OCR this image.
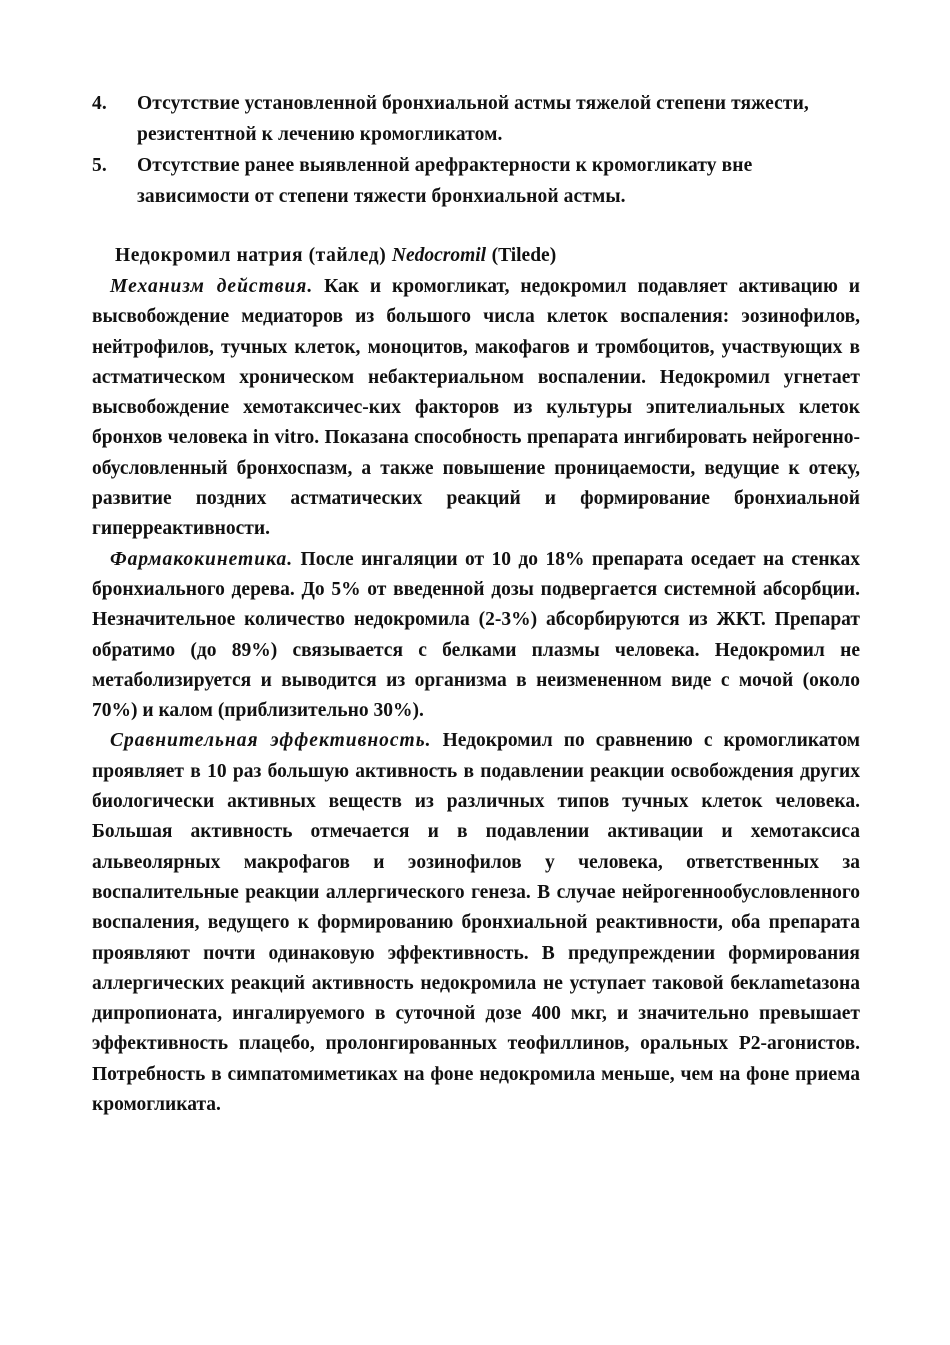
4. Отсутствие установленной бронхиальной астмы тяжелой степени тяжести, резистентной к лечению кромогликатом.
5. Отсутствие ранее выявленной арефрактерности к кромогликату вне зависимости от степени тяжести бронхиальной астмы.
Недокромил натрия (тайлед) Nedocromil (Tilede)

Механизм действия. Как и кромогликат, недокромил подавляет активацию и высвобождение медиаторов из большого числа клеток воспаления: эозинофилов, нейтрофилов, тучных клеток, моноцитов, макофагов и тромбоцитов, участвующих в астматическом хроническом небактериальном воспалении. Недокромил угнетает высвобождение хемотаксичес-ких факторов из культуры эпителиальных клеток бронхов человека in vitro. Показана способность препарата ингибировать нейрогеннообусловленный бронхоспазм, а также повышение проницаемости, ведущие к отеку, развитие поздних астматических реакций и формирование бронхиальной гиперреактивности.

Фармакокинетика. После ингаляции от 10 до 18% препарата оседает на стенках бронхиального дерева. До 5% от введенной дозы подвергается системной абсорбции. Незначительное количество недокромила (2-3%) абсорбируются из ЖКТ. Препарат обратимо (до 89%) связывается с белками плазмы человека. Недокромил не метаболизируется и выводится из организма в неизмененном виде с мочой (около 70%) и калом (приблизительно 30%).

Сравнительная эффективность. Недокромил по сравнению с кромогликатом проявляет в 10 раз большую активность в подавлении реакции освобождения других биологически активных веществ из различных типов тучных клеток человека. Большая активность отмечается и в подавлении активации и хемотаксиса альвеолярных макрофагов и эозинофилов у человека, ответственных за воспалительные реакции аллергического генеза. В случае нейрогеннообусловленного воспаления, ведущего к формированию бронхиальной реактивности, оба препарата проявляют почти одинаковую эффективность. В предупреждении формирования аллергических реакций активность недокромила не уступает таковой беклametазона дипропионата, ингалируемого в суточной дозе 400 мкг, и значительно превышает эффективность плацебо, пролонгированных теофиллинов, оральных Р2-агонистов. Потребность в симпатомиметиках на фоне недокромила меньше, чем на фоне приема кромогликата.
